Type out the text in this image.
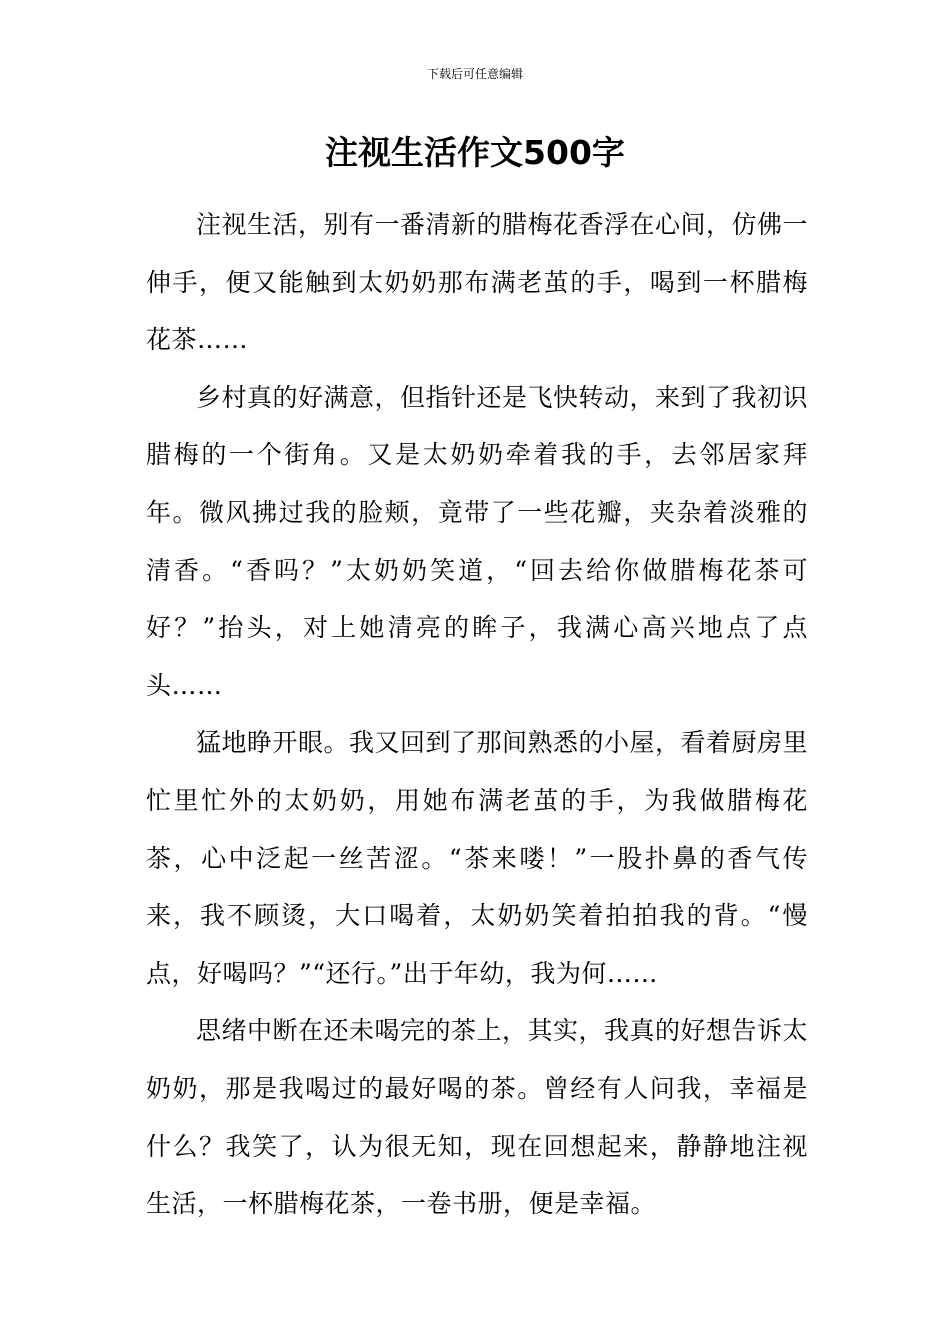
下载后可任意编辑
注视生活作文500字

注视生活，别有一番清新的腊梅花香浮在心间，仿佛一伸手，便又能触到太奶奶那布满老茧的手，喝到一杯腊梅花茶……

乡村真的好满意，但指针还是飞快转动，来到了我初识腊梅的一个街角。又是太奶奶牵着我的手，去邻居家拜年。微风拂过我的脸颊，竟带了一些花瓣，夹杂着淡雅的清香。“香吗？”太奶奶笑道，“回去给你做腊梅花茶可好？”抬头，对上她清亮的眸子，我满心高兴地点了点头……

猛地睁开眼。我又回到了那间熟悉的小屋，看着厨房里忙里忙外的太奶奶，用她布满老茧的手，为我做腊梅花茶，心中泛起一丝苦涩。“茶来喽！”一股扑鼻的香气传来，我不顾烫，大口喝着，太奶奶笑着拍拍我的背。“慢点，好喝吗？”“还行。”出于年幼，我为何……

思绪中断在还未喝完的茶上，其实，我真的好想告诉太奶奶，那是我喝过的最好喝的茶。曾经有人问我，幸福是什么？我笑了，认为很无知，现在回想起来，静静地注视生活，一杯腊梅花茶，一卷书册，便是幸福。
